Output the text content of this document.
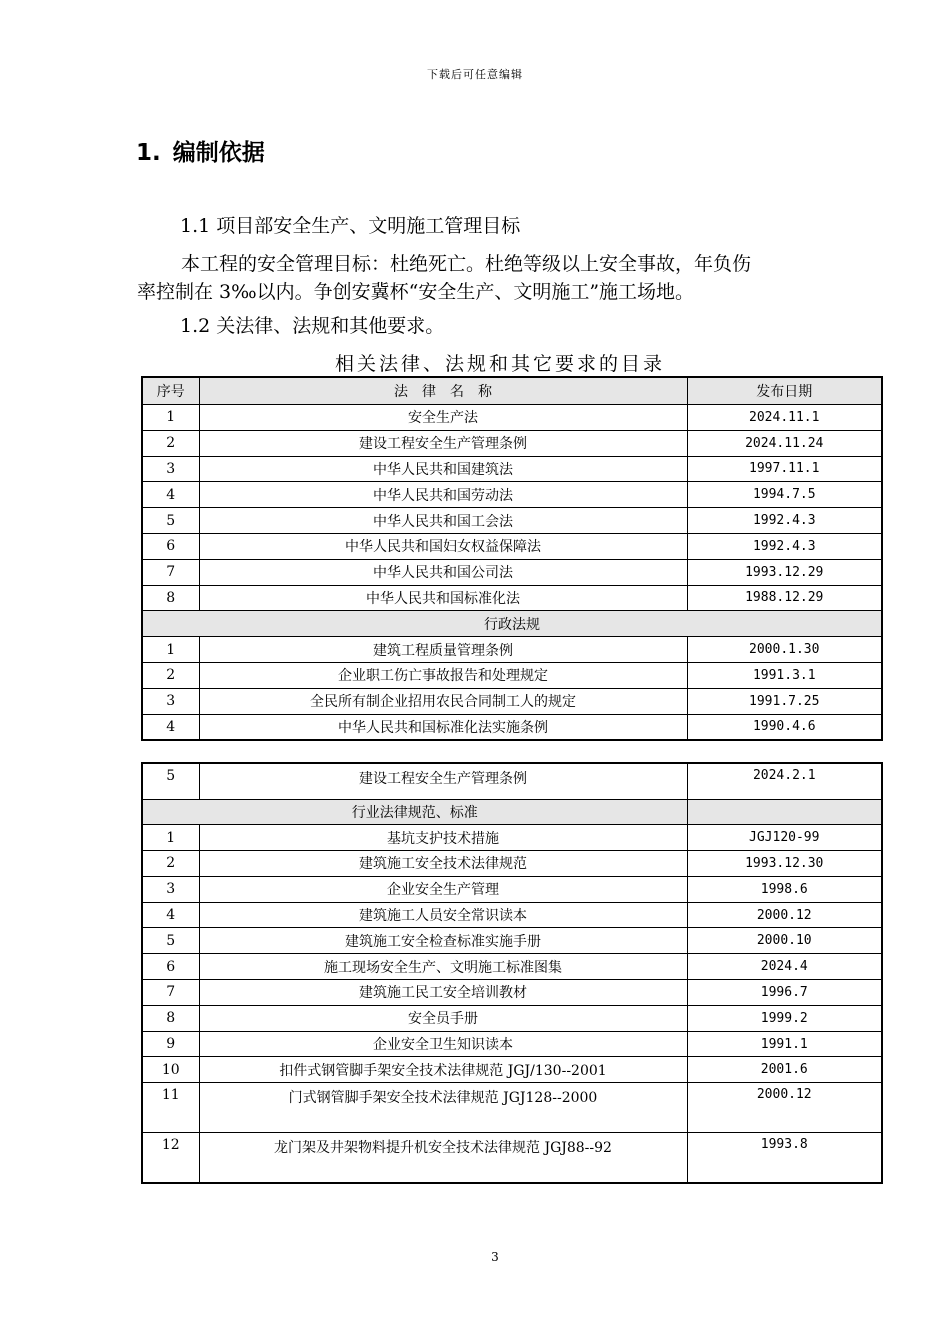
下载后可任意编辑
1. 编制依据
1.1 项目部安全生产、文明施工管理目标
本工程的安全管理目标：杜绝死亡。杜绝等级以上安全事故，年负伤
率控制在 3‰以内。争创安冀杯“安全生产、文明施工”施工场地。
1.2 关法律、法规和其他要求。
相关法律、法规和其它要求的目录
序号	法　律　名　称	发布日期
1	安全生产法	2024.11.1
2	建设工程安全生产管理条例	2024.11.24
3	中华人民共和国建筑法	1997.11.1
4	中华人民共和国劳动法	1994.7.5
5	中华人民共和国工会法	1992.4.3
6	中华人民共和国妇女权益保障法	1992.4.3
7	中华人民共和国公司法	1993.12.29
8	中华人民共和国标准化法	1988.12.29
行政法规		
1	建筑工程质量管理条例	2000.1.30
2	企业职工伤亡事故报告和处理规定	1991.3.1
3	全民所有制企业招用农民合同制工人的规定	1991.7.25
4	中华人民共和国标准化法实施条例	1990.4.6
5	建设工程安全生产管理条例	2024.2.1
行业法律规范、标准		
1	基坑支护技术措施	JGJ120-99
2	建筑施工安全技术法律规范	1993.12.30
3	企业安全生产管理	1998.6
4	建筑施工人员安全常识读本	2000.12
5	建筑施工安全检查标准实施手册	2000.10
6	施工现场安全生产、文明施工标准图集	2024.4
7	建筑施工民工安全培训教材	1996.7
8	安全员手册	1999.2
9	企业安全卫生知识读本	1991.1
10	扣件式钢管脚手架安全技术法律规范 JGJ/130--2001	2001.6
11	门式钢管脚手架安全技术法律规范 JGJ128--2000	2000.12
12	龙门架及井架物料提升机安全技术法律规范 JGJ88--92	1993.8
3
